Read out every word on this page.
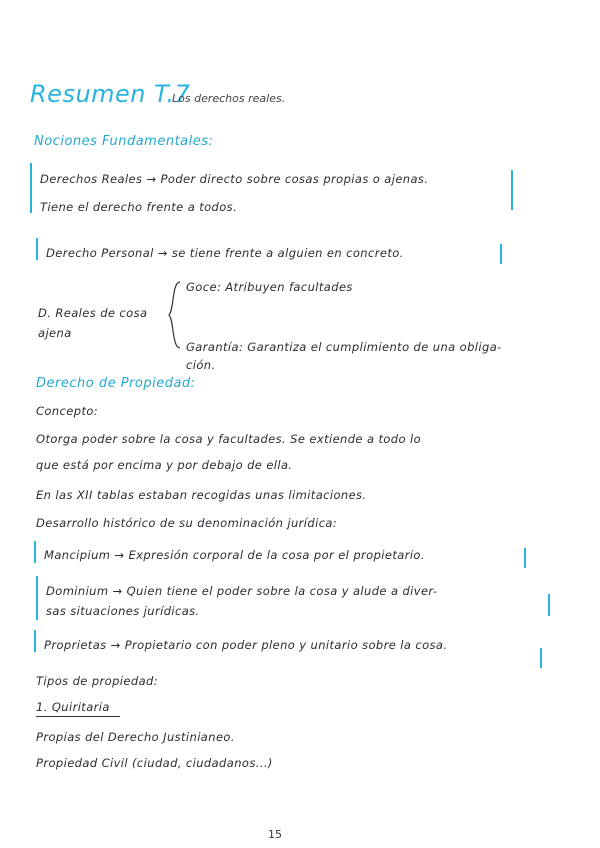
Resumen T.7
Los derechos reales.
Nociones Fundamentales:
Derechos Reales → Poder directo sobre cosas propias o ajenas.
Tiene el derecho frente a todos.
Derecho Personal → se tiene frente a alguien en concreto.
D. Reales de cosa
ajena
Goce: Atribuyen facultades
Garantía: Garantiza el cumplimiento de una obliga-
ción.
Derecho de Propiedad:
Concepto:
Otorga poder sobre la cosa y facultades. Se extiende a todo lo
que está por encima y por debajo de ella.
En las XII tablas estaban recogidas unas limitaciones.
Desarrollo histórico de su denominación jurídica:
Mancipium → Expresión corporal de la cosa por el propietario.
Dominium → Quien tiene el poder sobre la cosa y alude a diver-
sas situaciones jurídicas.
Proprietas → Propietario con poder pleno y unitario sobre la cosa.
Tipos de propiedad:
1. Quiritaria
Propias del Derecho Justinianeo.
Propiedad Civil (ciudad, ciudadanos...)
15
